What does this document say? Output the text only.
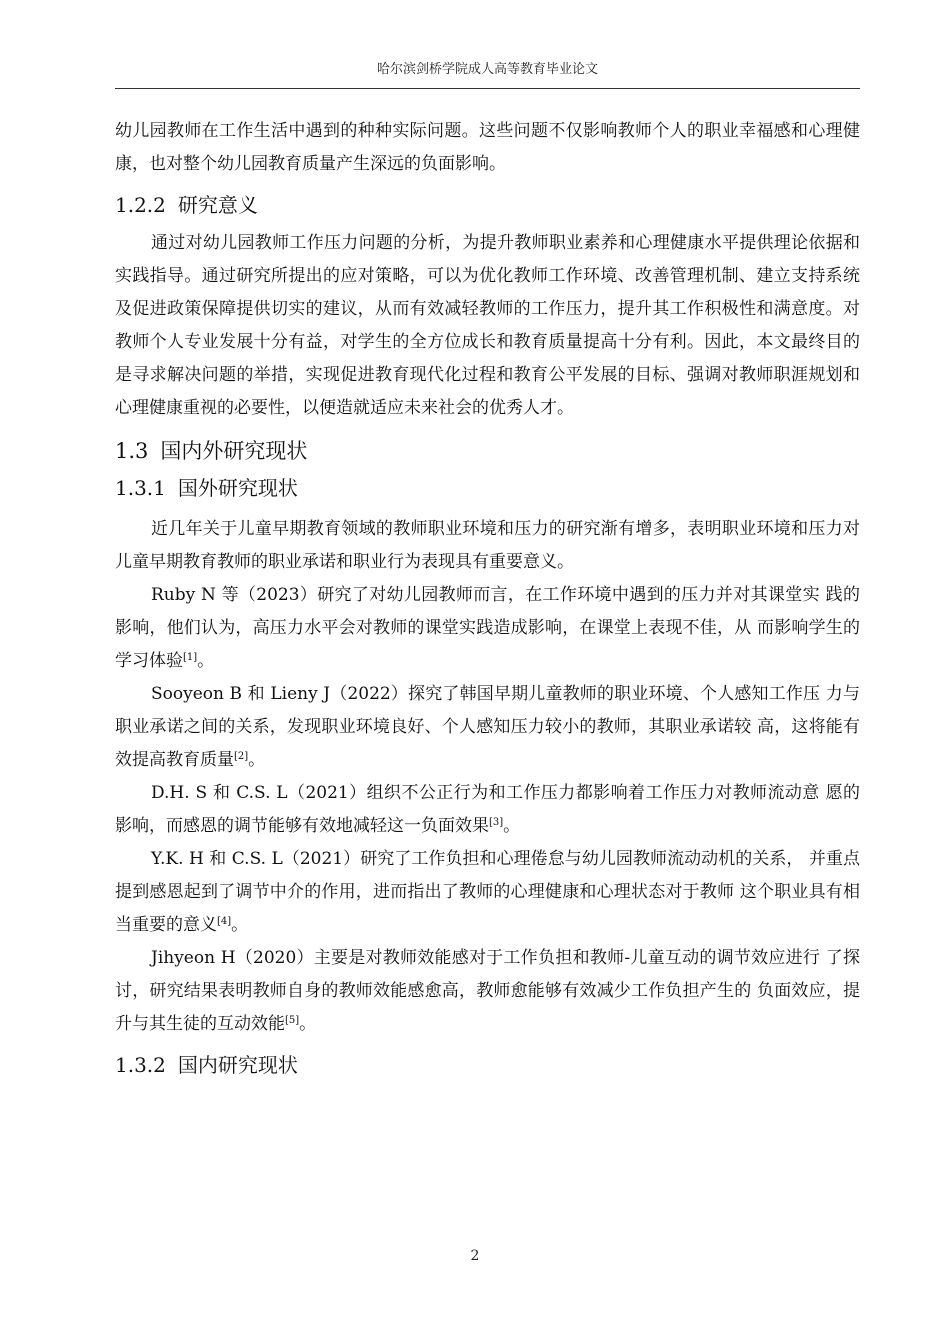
哈尔滨剑桥学院成人高等教育毕业论文

幼儿园教师在工作生活中遇到的种种实际问题。这些问题不仅影响教师个人的职业幸福感和心理健康，也对整个幼儿园教育质量产生深远的负面影响。

1.2.2 研究意义

通过对幼儿园教师工作压力问题的分析，为提升教师职业素养和心理健康水平提供理论依据和实践指导。通过研究所提出的应对策略，可以为优化教师工作环境、改善管理机制、建立支持系统及促进政策保障提供切实的建议，从而有效减轻教师的工作压力，提升其工作积极性和满意度。对教师个人专业发展十分有益，对学生的全方位成长和教育质量提高十分有利。因此，本文最终目的是寻求解决问题的举措，实现促进教育现代化过程和教育公平发展的目标、强调对教师职涯规划和心理健康重视的必要性，以便造就适应未来社会的优秀人才。

1.3 国内外研究现状
1.3.1 国外研究现状

近几年关于儿童早期教育领域的教师职业环境和压力的研究渐有增多，表明职业环境和压力对儿童早期教育教师的职业承诺和职业行为表现具有重要意义。

Ruby N 等（2023）研究了对幼儿园教师而言，在工作环境中遇到的压力并对其课堂实 践的影响，他们认为，高压力水平会对教师的课堂实践造成影响，在课堂上表现不佳，从 而影响学生的学习体验[1]。

Sooyeon B 和 Lieny J（2022）探究了韩国早期儿童教师的职业环境、个人感知工作压 力与职业承诺之间的关系，发现职业环境良好、个人感知压力较小的教师，其职业承诺较 高，这将能有效提高教育质量[2]。

D.H. S 和 C.S. L（2021）组织不公正行为和工作压力都影响着工作压力对教师流动意 愿的影响，而感恩的调节能够有效地减轻这一负面效果[3]。

Y.K. H 和 C.S. L（2021）研究了工作负担和心理倦怠与幼儿园教师流动动机的关系， 并重点提到感恩起到了调节中介的作用，进而指出了教师的心理健康和心理状态对于教师 这个职业具有相当重要的意义[4]。

Jihyeon H（2020）主要是对教师效能感对于工作负担和教师-儿童互动的调节效应进行 了探讨，研究结果表明教师自身的教师效能感愈高，教师愈能够有效减少工作负担产生的 负面效应，提升与其生徒的互动效能[5]。

1.3.2 国内研究现状
2
